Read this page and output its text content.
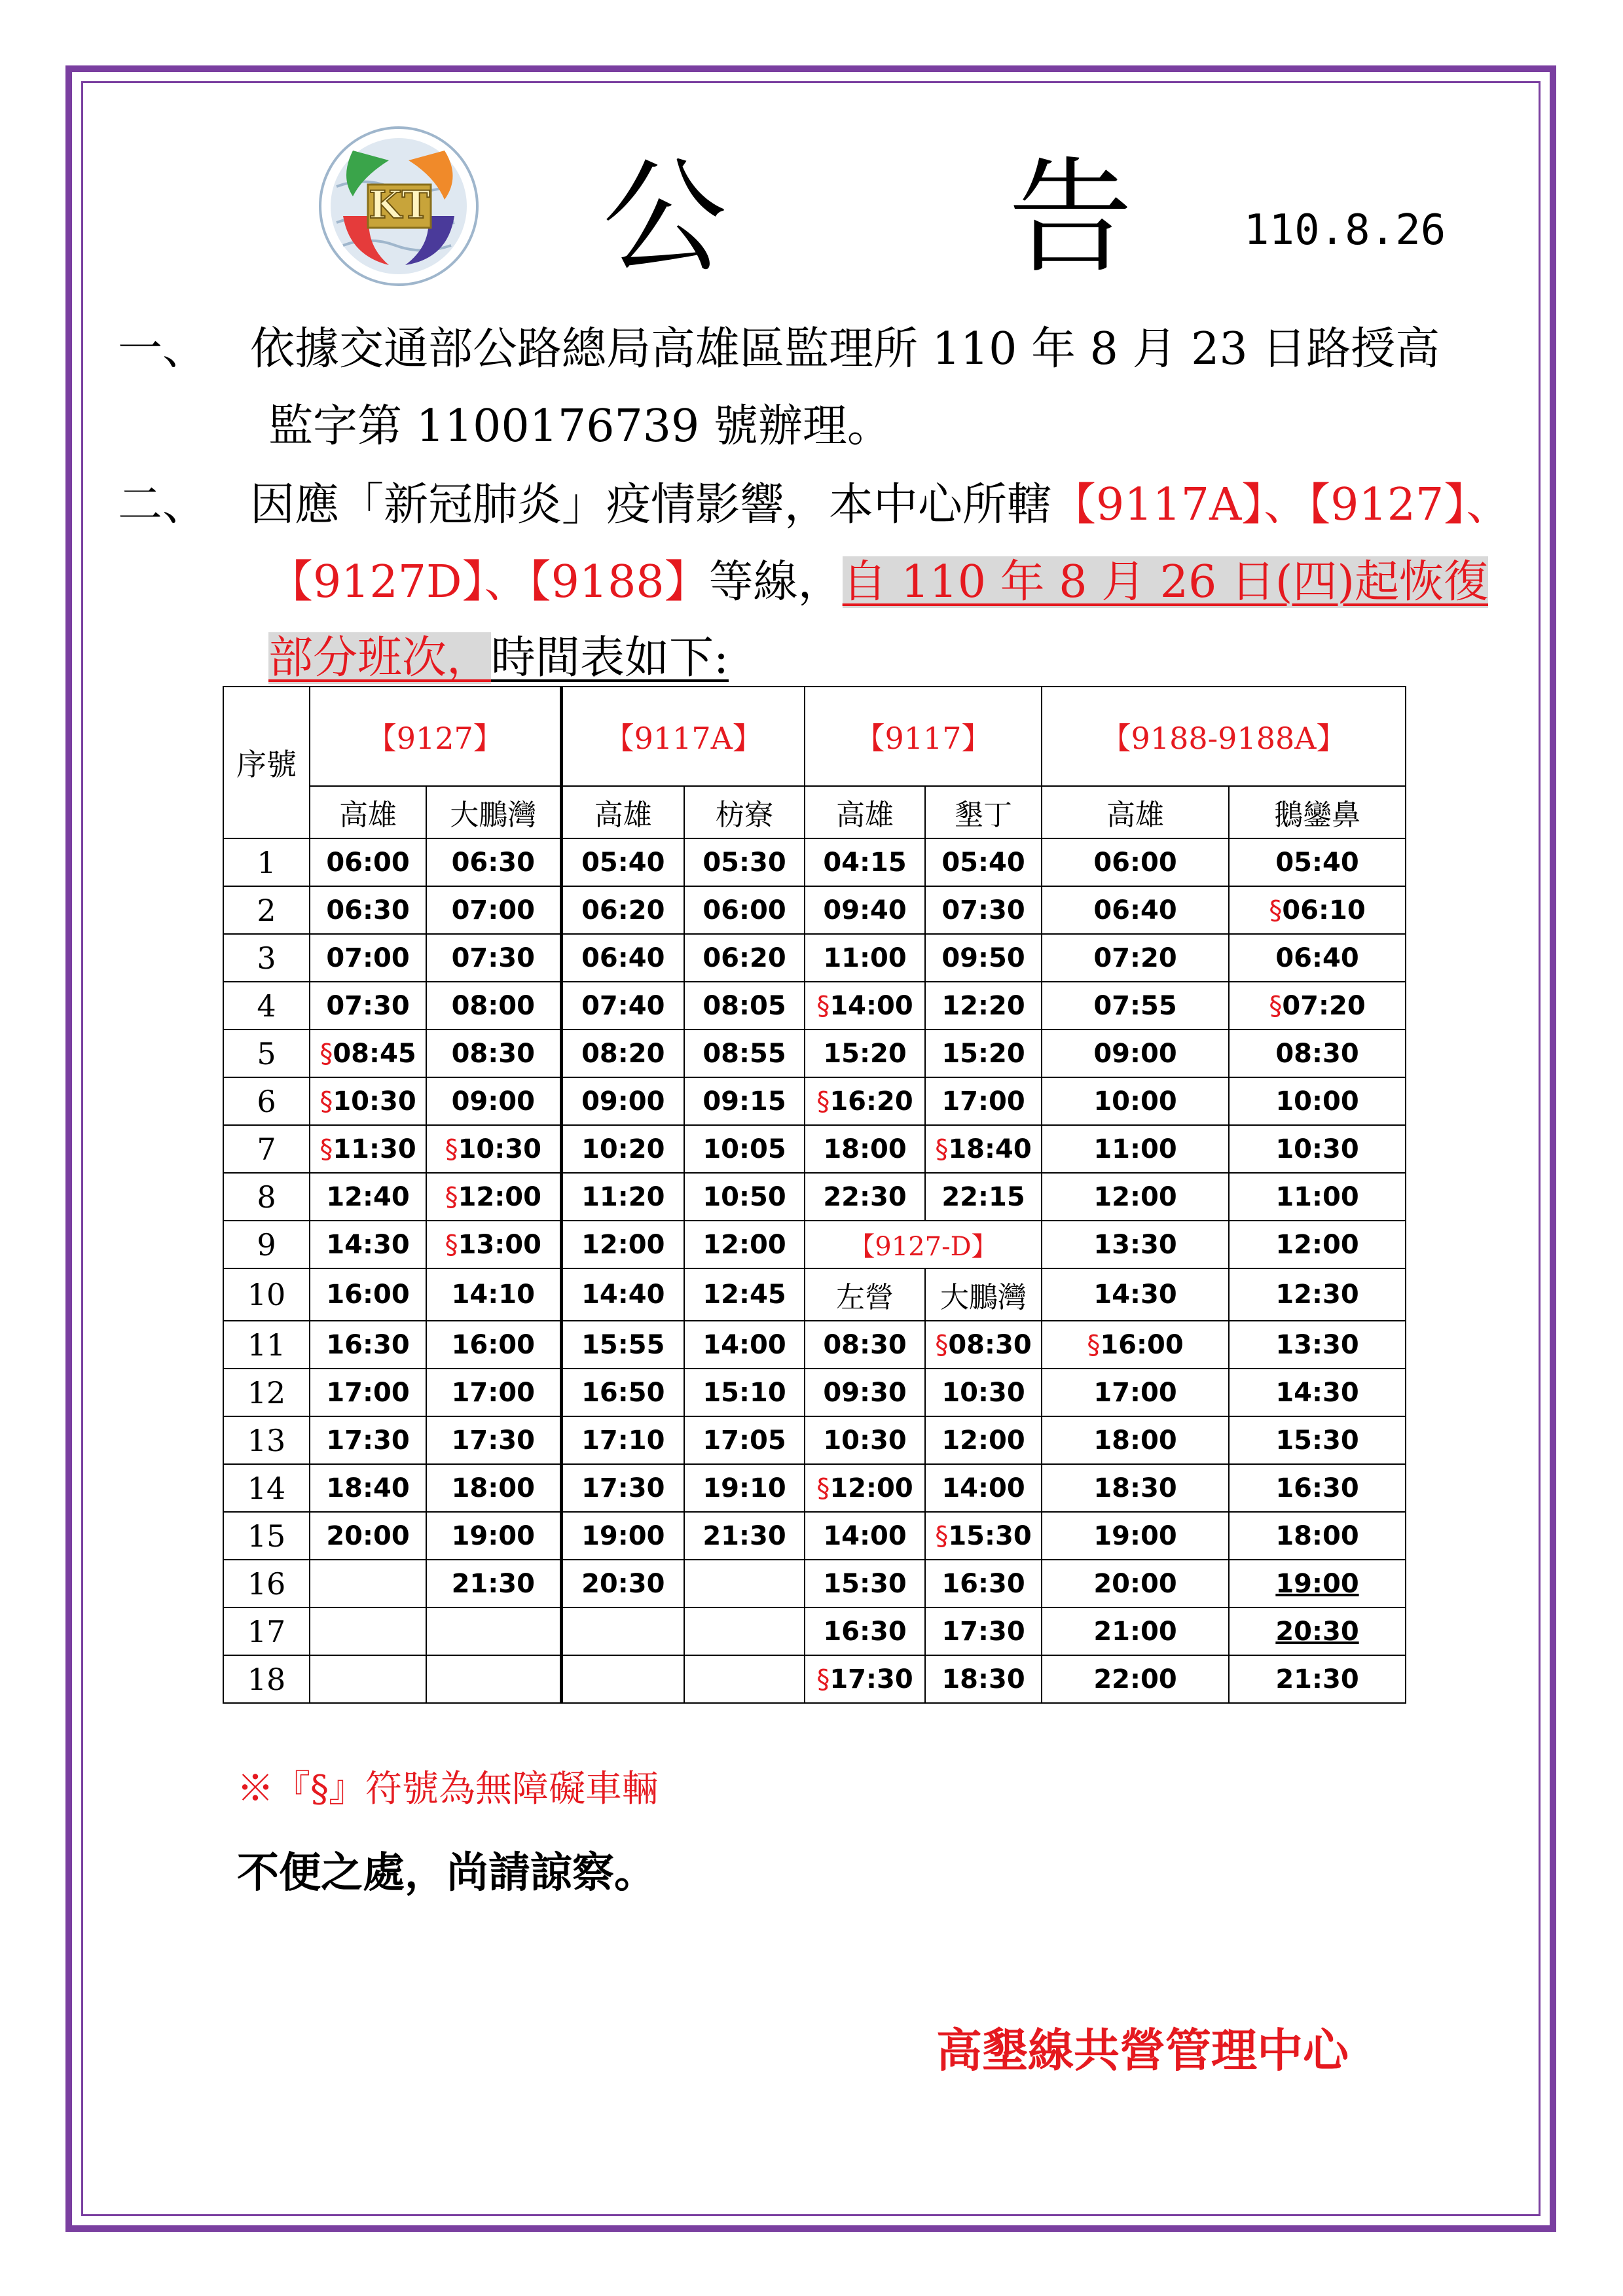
KT 公　告 110.8.26
一、 依據交通部公路總局高雄區監理所 110 年 8 月 23 日路授高
監字第 1100176739 號辦理。
二、 因應「新冠肺炎」疫情影響，本中心所轄【9117A】、【9127】、
【9127D】、【9188】等線，自 110 年 8 月 26 日(四)起恢復
部分班次，時間表如下:
序號	【9127】		【9117A】		【9117】		【9188-9188A】	
	高雄	大鵬灣	高雄	枋寮	高雄	墾丁	高雄	鵝鑾鼻
1	06:00	06:30	05:40	05:30	04:15	05:40	06:00	05:40
2	06:30	07:00	06:20	06:00	09:40	07:30	06:40	§06:10
3	07:00	07:30	06:40	06:20	11:00	09:50	07:20	06:40
4	07:30	08:00	07:40	08:05	§14:00	12:20	07:55	§07:20
5	§08:45	08:30	08:20	08:55	15:20	15:20	09:00	08:30
6	§10:30	09:00	09:00	09:15	§16:20	17:00	10:00	10:00
7	§11:30	§10:30	10:20	10:05	18:00	§18:40	11:00	10:30
8	12:40	§12:00	11:20	10:50	22:30	22:15	12:00	11:00
9	14:30	§13:00	12:00	12:00	【9127-D】		13:30	12:00
10	16:00	14:10	14:40	12:45	左營	大鵬灣	14:30	12:30
11	16:30	16:00	15:55	14:00	08:30	§08:30	§16:00	13:30
12	17:00	17:00	16:50	15:10	09:30	10:30	17:00	14:30
13	17:30	17:30	17:10	17:05	10:30	12:00	18:00	15:30
14	18:40	18:00	17:30	19:10	§12:00	14:00	18:30	16:30
15	20:00	19:00	19:00	21:30	14:00	§15:30	19:00	18:00
16		21:30	20:30		15:30	16:30	20:00	19:00
17					16:30	17:30	21:00	20:30
18					§17:30	18:30	22:00	21:30
※『§』符號為無障礙車輛
不便之處，尚請諒察。
高墾線共營管理中心
